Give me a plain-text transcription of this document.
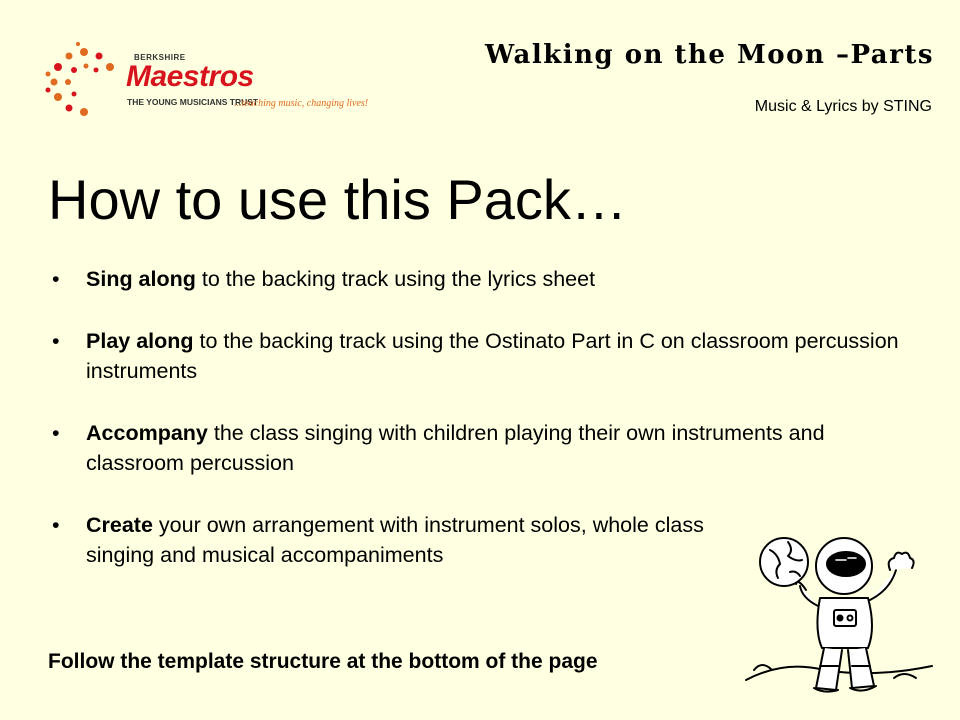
BERKSHIRE
Maestros
THE YOUNG MUSICIANS TRUST
...teaching music, changing lives!
Walking on the Moon –Parts
Music & Lyrics by STING
How to use this Pack…
• Sing along to the backing track using the lyrics sheet
• Play along to the backing track using the Ostinato Part in C on classroom percussion instruments
• Accompany the class singing with children playing their own instruments and classroom percussion
• Create your own arrangement with instrument solos, whole class singing and musical accompaniments
Follow the template structure at the bottom of the page
